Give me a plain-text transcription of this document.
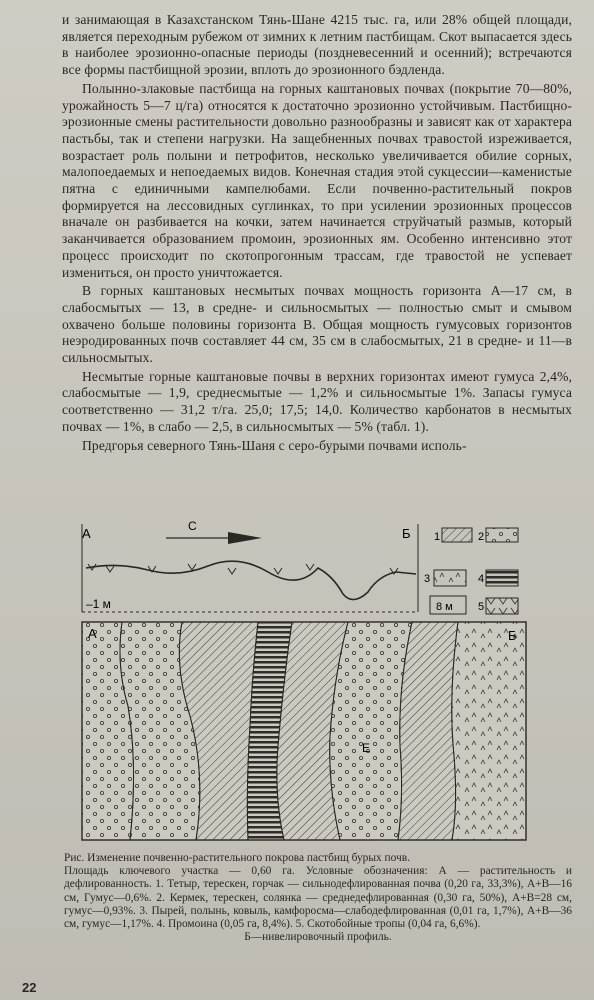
и занимающая в Казахстанском Тянь-Шане 4215 тыс. га, или 28% общей площади, является переходным рубежом от зимних к летним пастбищам. Скот выпасается здесь в наиболее эрозионно-опасные периоды (поздневесенний и осенний); встречаются все формы пастбищной эрозии, вплоть до эрозионного бэдленда.

Полынно-злаковые пастбища на горных каштановых почвах (покрытие 70—80%, урожайность 5—7 ц/га) относятся к достаточно эрозионно устойчивым. Пастбищно-эрозионные смены растительности довольно разнообразны и зависят как от характера пастьбы, так и степени нагрузки. На защебненных почвах травостой изреживается, возрастает роль полыни и петрофитов, несколько увеличивается обилие сорных, малопоедаемых и непоедаемых видов. Конечная стадия этой сукцессии—каменистые пятна с единичными кампелюбами. Если почвенно-растительный покров формируется на лессовидных суглинках, то при усилении эрозионных процессов вначале он разбивается на кочки, затем начинается струйчатый размыв, который заканчивается образованием промоин, эрозионных ям. Особенно интенсивно этот процесс происходит по скотопрогонным трассам, где травостой не успевает измениться, он просто уничтожается.

В горных каштановых несмытых почвах мощность горизонта А—17 см, в слабосмытых — 13, в средне- и сильносмытых — полностью смыт и смывом охвачено больше половины горизонта В. Общая мощность гумусовых горизонтов неэродированных почв составляет 44 см, 35 см в слабосмытых, 21 в средне- и 11—в сильносмытых.

Несмытые горные каштановые почвы в верхних горизонтах имеют гумуса 2,4%, слабосмытые — 1,9, среднесмытые — 1,2% и сильносмытые 1%. Запасы гумуса соответственно — 31,2 т/га. 25,0; 17,5; 14,0. Количество карбонатов в несмытых почвах — 1%, в слабо — 2,5, в сильносмытых — 5% (табл. 1).

Предгорья северного Тянь-Шаня с серо-бурыми почвами исполь-

А	Б
С
–1 м
1	2
3	4
8 м 5
А	Б
Е

Рис. Изменение почвенно-растительного покрова пастбищ бурых почв.

Площадь ключевого участка — 0,60 га. Условные обозначения: А — растительность и дефлированность. 1. Тетыр, терескен, горчак — сильнодефлированная почва (0,20 га, 33,3%), А+В—16 см, Гумус—0,6%. 2. Кермек, терескен, солянка — среднедефлированная (0,30 га, 50%), А+В=28 см, гумус—0,93%. 3. Пырей, полынь, ковыль, камфоросма—слабодефлированная (0,01 га, 1,7%), А+В—36 см, гумус—1,17%. 4. Промоина (0,05 га, 8,4%). 5. Скотобойные тропы (0,04 га, 6,6%).

Б—нивелировочный профиль.

22
